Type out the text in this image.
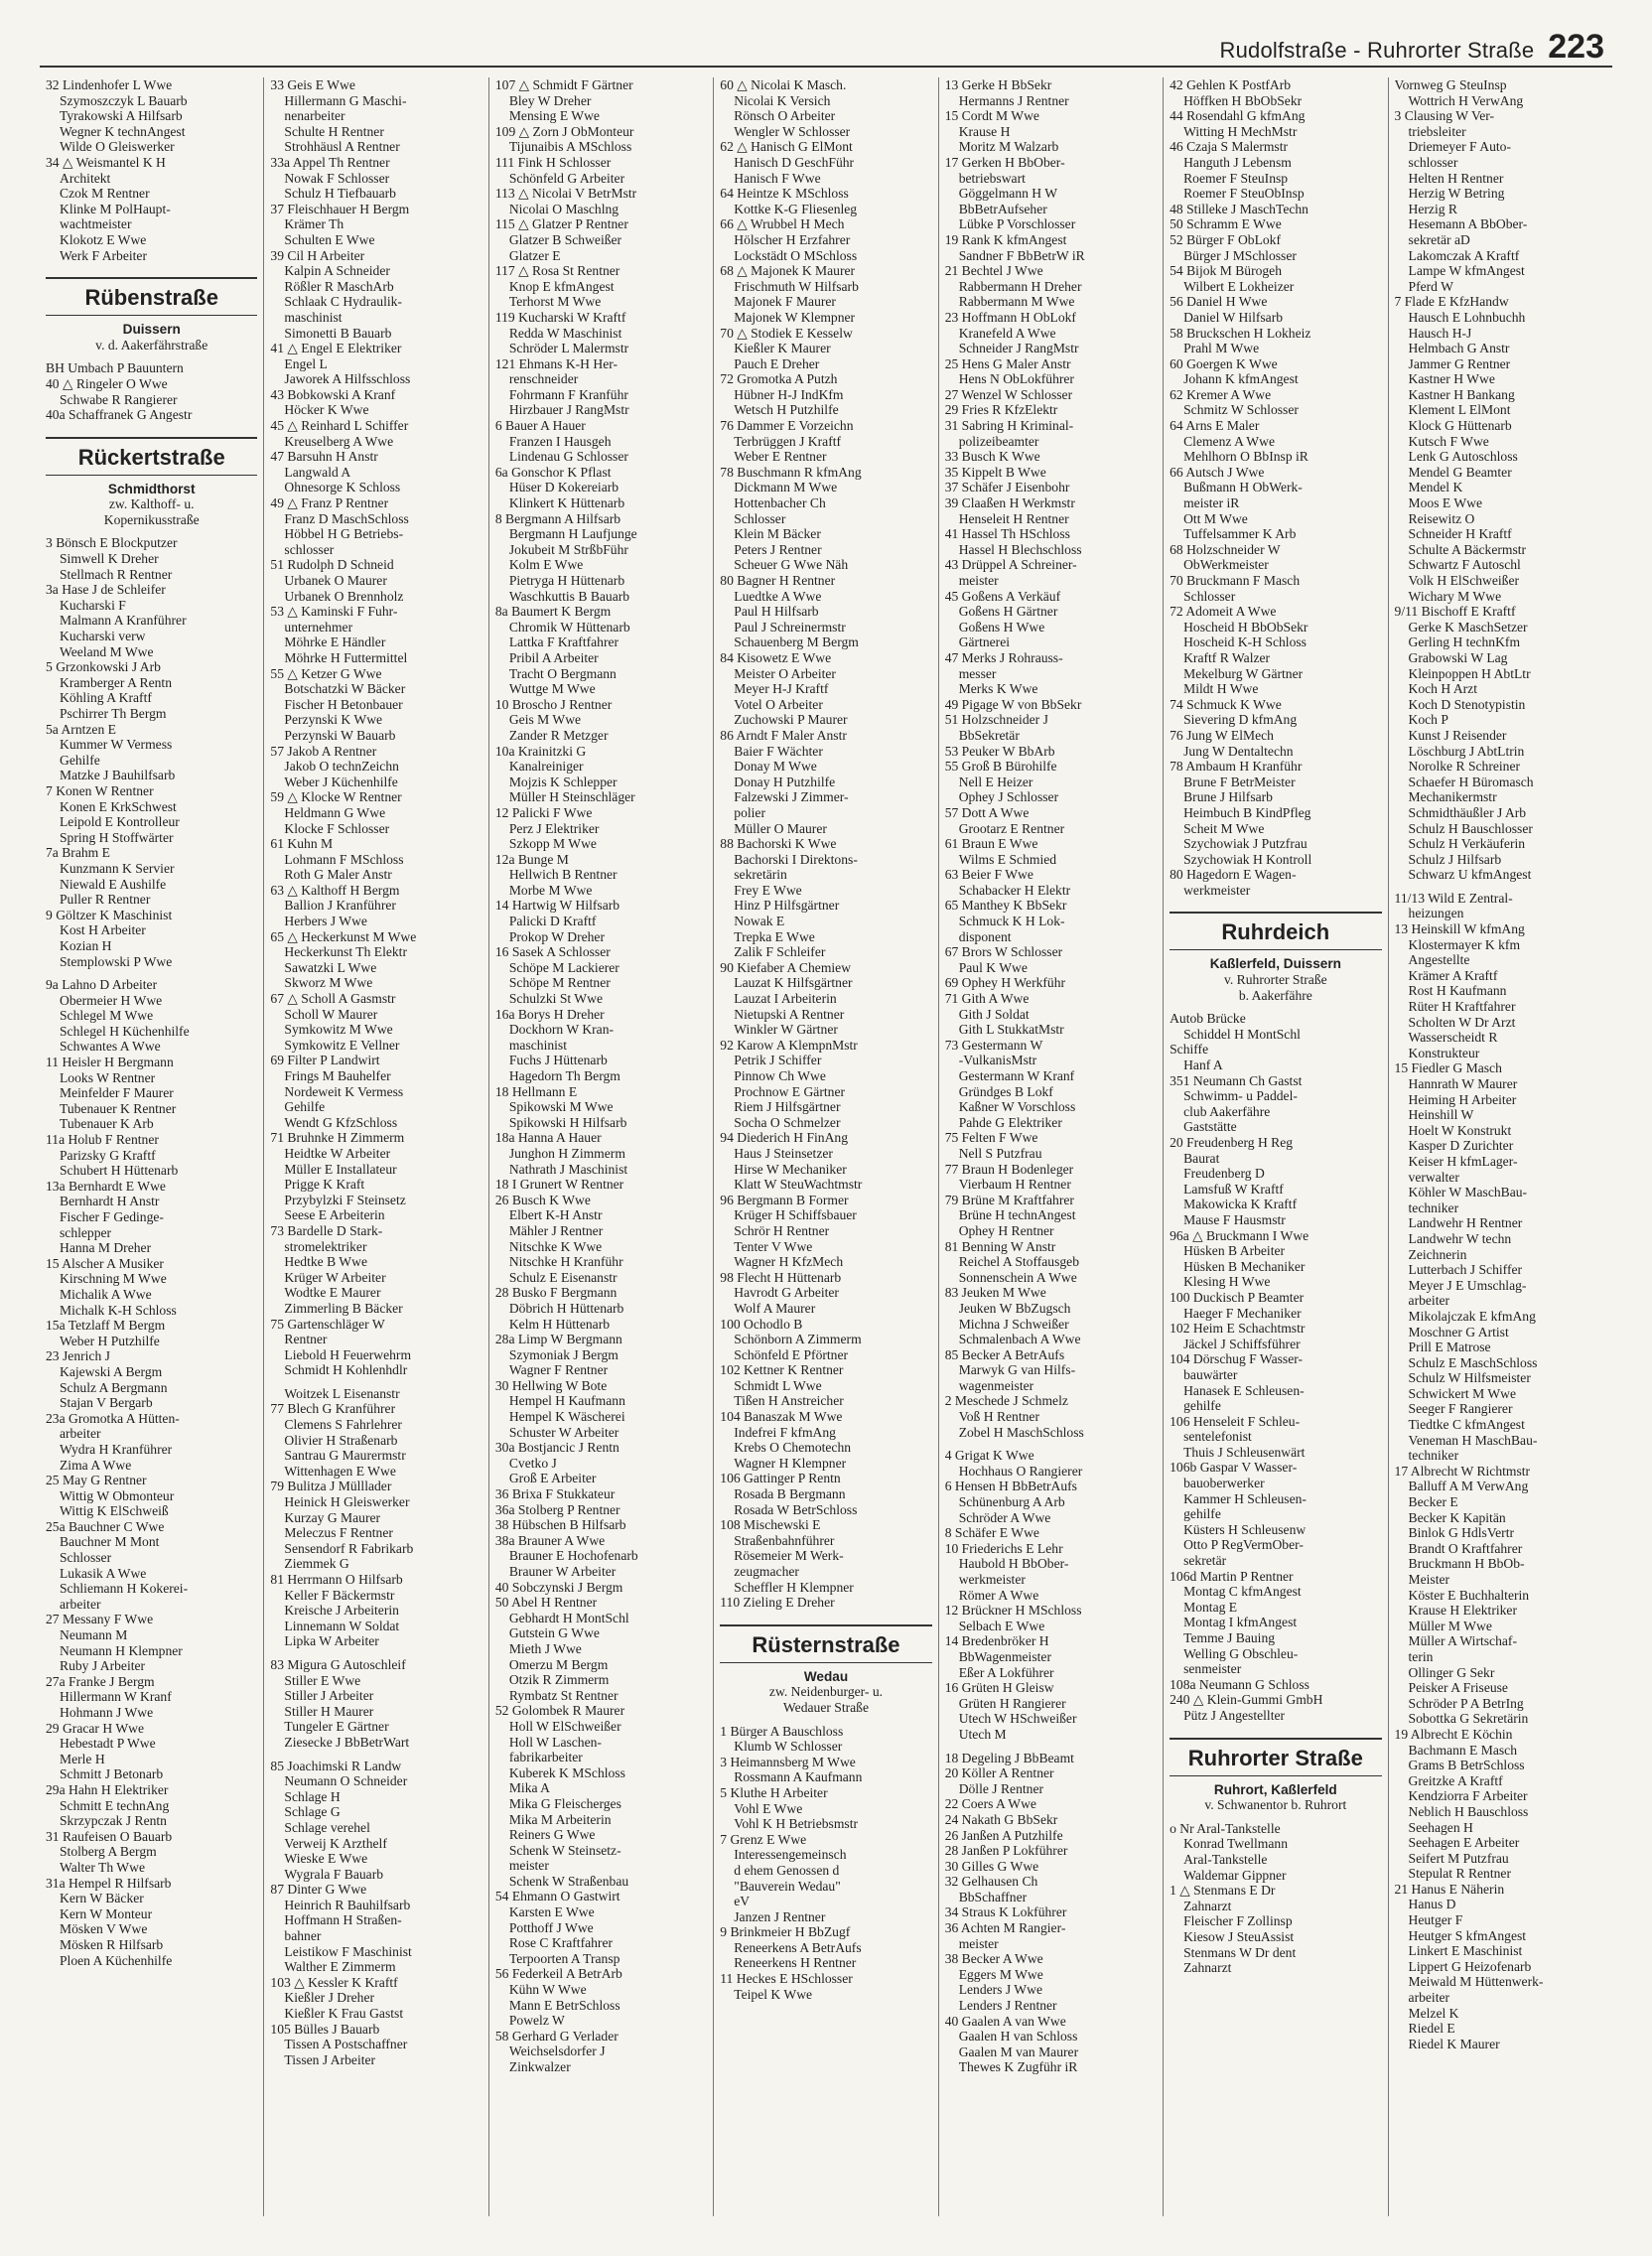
Rudolfstraße - Ruhrorter Straße 223
32 Lindenhofer L Wwe
Szymoszczyk L Bauarb
Tyrakowski A Hilfsarb
Wegner K technAngest
Wilde O Gleiswerker
34 △ Weismantel K H
Architekt
Czok M Rentner
Klinke M PolHaupt-
wachtmeister
Klokotz E Wwe
Werk F Arbeiter
Rübenstraße
Duissern
v. d. Aakerfährstraße
BH Umbach P Bauuntern
40 △ Ringeler O Wwe
Schwabe R Rangierer
40a Schaffranek G Angestr
Rückertstraße
Schmidthorst
zw. Kalthoff- u.
Kopernikusstraße
3 Bönsch E Blockputzer
Simwell K Dreher
Stellmach R Rentner
3a Hase J de Schleifer
Kucharski F
Malmann A Kranführer
Kucharski verw
Weeland M Wwe
5 Grzonkowski J Arb
Kramberger A Rentn
Köhling A Kraftf
Pschirrer Th Bergm
5a Arntzen E
Kummer W Vermess
Gehilfe
Matzke J Bauhilfsarb
7 Konen W Rentner
Konen E KrkSchwest
Leipold E Kontrolleur
Spring H Stoffwärter
7a Brahm E
Kunzmann K Servier
Niewald E Aushilfe
Puller R Rentner
9 Göltzer K Maschinist
Kost H Arbeiter
Kozian H
Stemplowski P Wwe
9a Lahno D Arbeiter
Obermeier H Wwe
Schlegel M Wwe
Schlegel H Küchenhilfe
Schwantes A Wwe
11 Heisler H Bergmann
Looks W Rentner
Meinfelder F Maurer
Tubenauer K Rentner
Tubenauer K Arb
11a Holub F Rentner
Parizsky G Kraftf
Schubert H Hüttenarb
13a Bernhardt E Wwe
Bernhardt H Anstr
Fischer F Gedinge-
schlepper
Hanna M Dreher
15 Alscher A Musiker
Kirschning M Wwe
Michalik A Wwe
Michalk K-H Schloss
15a Tetzlaff M Bergm
Weber H Putzhilfe
23 Jenrich J
Kajewski A Bergm
Schulz A Bergmann
Stajan V Bergarb
23a Gromotka A Hütten-
arbeiter
Wydra H Kranführer
Zima A Wwe
25 May G Rentner
Wittig W Obmonteur
Wittig K ElSchweiß
25a Bauchner C Wwe
Bauchner M Mont
Schlosser
Lukasik A Wwe
Schliemann H Kokerei-
arbeiter
27 Messany F Wwe
Neumann M
Neumann H Klempner
Ruby J Arbeiter
27a Franke J Bergm
Hillermann W Kranf
Hohmann J Wwe
29 Gracar H Wwe
Hebestadt P Wwe
Merle H
Schmitt J Betonarb
29a Hahn H Elektriker
Schmitt E technAng
Skrzypczak J Rentn
31 Raufeisen O Bauarb
Stolberg A Bergm
Walter Th Wwe
31a Hempel R Hilfsarb
Kern W Bäcker
Kern W Monteur
Mösken V Wwe
Mösken R Hilfsarb
Ploen A Küchenhilfe
33 Geis E Wwe
Hillermann G Maschi-
nenarbeiter
Schulte H Rentner
Strohhäusl A Rentner
33a Appel Th Rentner
Nowak F Schlosser
Schulz H Tiefbauarb
37 Fleischhauer H Bergm
Krämer Th
Schulten E Wwe
39 Cil H Arbeiter
Kalpin A Schneider
Rößler R MaschArb
Schlaak C Hydraulik-
maschinist
Simonetti B Bauarb
41 △ Engel E Elektriker
Engel L
Jaworek A Hilfsschloss
43 Bobkowski A Kranf
Höcker K Wwe
45 △ Reinhard L Schiffer
Kreuselberg A Wwe
47 Barsuhn H Anstr
Langwald A
Ohnesorge K Schloss
49 △ Franz P Rentner
Franz D MaschSchloss
Höbbel H G Betriebs-
schlosser
51 Rudolph D Schneid
Urbanek O Maurer
Urbanek O Brennholz
53 △ Kaminski F Fuhr-
unternehmer
Möhrke E Händler
Möhrke H Futtermittel
55 △ Ketzer G Wwe
Botschatzki W Bäcker
Fischer H Betonbauer
Perzynski K Wwe
Perzynski W Bauarb
57 Jakob A Rentner
Jakob O technZeichn
Weber J Küchenhilfe
59 △ Klocke W Rentner
Heldmann G Wwe
Klocke F Schlosser
61 Kuhn M
Lohmann F MSchloss
Roth G Maler Anstr
63 △ Kalthoff H Bergm
Ballion J Kranführer
Herbers J Wwe
65 △ Heckerkunst M Wwe
Heckerkunst Th Elektr
Sawatzki L Wwe
Skworz M Wwe
67 △ Scholl A Gasmstr
Scholl W Maurer
Symkowitz M Wwe
Symkowitz E Vellner
69 Filter P Landwirt
Frings M Bauhelfer
Nordeweit K Vermess
Gehilfe
Wendt G KfzSchloss
71 Bruhnke H Zimmerm
Heidtke W Arbeiter
Müller E Installateur
Prigge K Kraft
Przybylzki F Steinsetz
Seese E Arbeiterin
73 Bardelle D Stark-
stromelektriker
Hedtke B Wwe
Krüger W Arbeiter
Wodtke E Maurer
Zimmerling B Bäcker
75 Gartenschläger W
Rentner
Liebold H Feuerwehrm
Schmidt H Kohlenhdlr
Woitzek L Eisenanstr
77 Blech G Kranführer
Clemens S Fahrlehrer
Olivier H Straßenarb
Santrau G Maurermstr
Wittenhagen E Wwe
79 Bulitza J Mülllader
Heinick H Gleiswerker
Kurzay G Maurer
Meleczus F Rentner
Sensendorf R Fabrikarb
Ziemmek G
81 Herrmann O Hilfsarb
Keller F Bäckermstr
Kreische J Arbeiterin
Linnemann W Soldat
Lipka W Arbeiter
83 Migura G Autoschleif
Stiller E Wwe
Stiller J Arbeiter
Stiller H Maurer
Tungeler E Gärtner
Ziesecke J BbBetrWart
85 Joachimski R Landw
Neumann O Schneider
Schlage H
Schlage G
Schlage verehel
Verweij K Arzthelf
Wieske E Wwe
Wygrala F Bauarb
87 Dinter G Wwe
Heinrich R Bauhilfsarb
Hoffmann H Straßen-
bahner
Leistikow F Maschinist
Walther E Zimmerm
103 △ Kessler K Kraftf
Kießler J Dreher
Kießler K Frau Gastst
105 Bülles J Bauarb
Tissen A Postschaffner
Tissen J Arbeiter
107 △ Schmidt F Gärtner
Bley W Dreher
Mensing E Wwe
109 △ Zorn J ObMonteur
Tijunaibis A MSchloss
111 Fink H Schlosser
Schönfeld G Arbeiter
113 △ Nicolai V BetrMstr
Nicolai O Maschlng
115 △ Glatzer P Rentner
Glatzer B Schweißer
Glatzer E
117 △ Rosa St Rentner
Knop E kfmAngest
Terhorst M Wwe
119 Kucharski W Kraftf
Redda W Maschinist
Schröder L Malermstr
121 Ehmans K-H Her-
renschneider
Fohrmann F Kranführ
Hirzbauer J RangMstr
6 Bauer A Hauer
Franzen I Hausgeh
Lindenau G Schlosser
6a Gonschor K Pflast
Hüser D Kokereiarb
Klinkert K Hüttenarb
8 Bergmann A Hilfsarb
Bergmann H Laufjunge
Jokubeit M StrßbFühr
Kolm E Wwe
Pietryga H Hüttenarb
Waschkuttis B Bauarb
8a Baumert K Bergm
Chromik W Hüttenarb
Lattka F Kraftfahrer
Pribil A Arbeiter
Tracht O Bergmann
Wuttge M Wwe
10 Broscho J Rentner
Geis M Wwe
Zander R Metzger
10a Krainitzki G
Kanalreiniger
Mojzis K Schlepper
Müller H Steinschläger
12 Palicki F Wwe
Perz J Elektriker
Szkopp M Wwe
12a Bunge M
Hellwich B Rentner
Morbe M Wwe
14 Hartwig W Hilfsarb
Palicki D Kraftf
Prokop W Dreher
16 Sasek A Schlosser
Schöpe M Lackierer
Schöpe M Rentner
Schulzki St Wwe
16a Borys H Dreher
Dockhorn W Kran-
maschinist
Fuchs J Hüttenarb
Hagedorn Th Bergm
18 Hellmann E
Spikowski M Wwe
Spikowski H Hilfsarb
18a Hanna A Hauer
Junghon H Zimmerm
Nathrath J Maschinist
18 I Grunert W Rentner
26 Busch K Wwe
Elbert K-H Anstr
Mähler J Rentner
Nitschke K Wwe
Nitschke H Kranführ
Schulz E Eisenanstr
28 Busko F Bergmann
Döbrich H Hüttenarb
Kelm H Hüttenarb
28a Limp W Bergmann
Szymoniak J Bergm
Wagner F Rentner
30 Hellwing W Bote
Hempel H Kaufmann
Hempel K Wäscherei
Schuster W Arbeiter
30a Bostjancic J Rentn
Cvetko J
Groß E Arbeiter
36 Brixa F Stukkateur
36a Stolberg P Rentner
38 Hübschen B Hilfsarb
38a Brauner A Wwe
Brauner E Hochofenarb
Brauner W Arbeiter
40 Sobczynski J Bergm
50 Abel H Rentner
Gebhardt H MontSchl
Gutstein G Wwe
Mieth J Wwe
Omerzu M Bergm
Otzik R Zimmerm
Rymbatz St Rentner
52 Golombek R Maurer
Holl W ElSchweißer
Holl W Laschen-
fabrikarbeiter
Kuberek K MSchloss
Mika A
Mika G Fleischerges
Mika M Arbeiterin
Reiners G Wwe
Schenk W Steinsetz-
meister
Schenk W Straßenbau
54 Ehmann O Gastwirt
Karsten E Wwe
Potthoff J Wwe
Rose C Kraftfahrer
Terpoorten A Transp
56 Federkeil A BetrArb
Kühn W Wwe
Mann E BetrSchloss
Powelz W
58 Gerhard G Verlader
Weichselsdorfer J
Zinkwalzer
60 △ Nicolai K Masch.
Nicolai K Versich
Rönsch O Arbeiter
Wengler W Schlosser
62 △ Hanisch G ElMont
Hanisch D GeschFühr
Hanisch F Wwe
64 Heintze K MSchloss
Kottke K-G Fliesenleg
66 △ Wrubbel H Mech
Hölscher H Erzfahrer
Lockstädt O MSchloss
68 △ Majonek K Maurer
Frischmuth W Hilfsarb
Majonek F Maurer
Majonek W Klempner
70 △ Stodiek E Kesselw
Kießler K Maurer
Pauch E Dreher
72 Gromotka A Putzh
Hübner H-J IndKfm
Wetsch H Putzhilfe
76 Dammer E Vorzeichn
Terbrüggen J Kraftf
Weber E Rentner
78 Buschmann R kfmAng
Dickmann M Wwe
Hottenbacher Ch
Schlosser
Klein M Bäcker
Peters J Rentner
Scheuer G Wwe Näh
80 Bagner H Rentner
Luedtke A Wwe
Paul H Hilfsarb
Paul J Schreinermstr
Schauenberg M Bergm
84 Kisowetz E Wwe
Meister O Arbeiter
Meyer H-J Kraftf
Votel O Arbeiter
Zuchowski P Maurer
86 Arndt F Maler Anstr
Baier F Wächter
Donay M Wwe
Donay H Putzhilfe
Falzewski J Zimmer-
polier
Müller O Maurer
88 Bachorski K Wwe
Bachorski I Direktons-
sekretärin
Frey E Wwe
Hinz P Hilfsgärtner
Nowak E
Trepka E Wwe
Zalik F Schleifer
90 Kiefaber A Chemiew
Lauzat K Hilfsgärtner
Lauzat I Arbeiterin
Nietupski A Rentner
Winkler W Gärtner
92 Karow A KlempnMstr
Petrik J Schiffer
Pinnow Ch Wwe
Prochnow E Gärtner
Riem J Hilfsgärtner
Socha O Schmelzer
94 Diederich H FinAng
Haus J Steinsetzer
Hirse W Mechaniker
Klatt W SteuWachtmstr
96 Bergmann B Former
Krüger H Schiffsbauer
Schrör H Rentner
Tenter V Wwe
Wagner H KfzMech
98 Flecht H Hüttenarb
Havrodt G Arbeiter
Wolf A Maurer
100 Ochodlo B
Schönborn A Zimmerm
Schönfeld E Pförtner
102 Kettner K Rentner
Schmidt L Wwe
Tißen H Anstreicher
104 Banaszak M Wwe
Indefrei F kfmAng
Krebs O Chemotechn
Wagner H Klempner
106 Gattinger P Rentn
Rosada B Bergmann
Rosada W BetrSchloss
108 Mischewski E
Straßenbahnführer
Rösemeier M Werk-
zeugmacher
Scheffler H Klempner
110 Zieling E Dreher
Rüsternstraße
Wedau
zw. Neidenburger- u.
Wedauer Straße
1 Bürger A Bauschloss
Klumb W Schlosser
3 Heimannsberg M Wwe
Rossmann A Kaufmann
5 Kluthe H Arbeiter
Vohl E Wwe
Vohl K H Betriebsmstr
7 Grenz E Wwe
Interessengemeinsch
d ehem Genossen d
"Bauverein Wedau"
eV
Janzen J Rentner
9 Brinkmeier H BbZugf
Reneerkens A BetrAufs
Reneerkens H Rentner
11 Heckes E HSchlosser
Teipel K Wwe
13 Gerke H BbSekr
Hermanns J Rentner
15 Cordt M Wwe
Krause H
Moritz M Walzarb
17 Gerken H BbOber-
betriebswart
Göggelmann H W
BbBetrAufseher
Lübke P Vorschlosser
19 Rank K kfmAngest
Sandner F BbBetrW iR
21 Bechtel J Wwe
Rabbermann H Dreher
Rabbermann M Wwe
23 Hoffmann H ObLokf
Kranefeld A Wwe
Schneider J RangMstr
25 Hens G Maler Anstr
Hens N ObLokführer
27 Wenzel W Schlosser
29 Fries R KfzElektr
31 Sabring H Kriminal-
polizeibeamter
33 Busch K Wwe
35 Kippelt B Wwe
37 Schäfer J Eisenbohr
39 Claaßen H Werkmstr
Henseleit H Rentner
41 Hassel Th HSchloss
Hassel H Blechschloss
43 Drüppel A Schreiner-
meister
45 Goßens A Verkäuf
Goßens H Gärtner
Goßens H Wwe
Gärtnerei
47 Merks J Rohrauss-
messer
Merks K Wwe
49 Pigage W von BbSekr
51 Holzschneider J
BbSekretär
53 Peuker W BbArb
55 Groß B Bürohilfe
Nell E Heizer
Ophey J Schlosser
57 Dott A Wwe
Grootarz E Rentner
61 Braun E Wwe
Wilms E Schmied
63 Beier F Wwe
Schabacker H Elektr
65 Manthey K BbSekr
Schmuck K H Lok-
disponent
67 Brors W Schlosser
Paul K Wwe
69 Ophey H Werkführ
71 Gith A Wwe
Gith J Soldat
Gith L StukkatMstr
73 Gestermann W
-VulkanisMstr
Gestermann W Kranf
Gründges B Lokf
Kaßner W Vorschloss
Pahde G Elektriker
75 Felten F Wwe
Nell S Putzfrau
77 Braun H Bodenleger
Vierbaum H Rentner
79 Brüne M Kraftfahrer
Brüne H technAngest
Ophey H Rentner
81 Benning W Anstr
Reichel A Stoffausgeb
Sonnenschein A Wwe
83 Jeuken M Wwe
Jeuken W BbZugsch
Michna J Schweißer
Schmalenbach A Wwe
85 Becker A BetrAufs
Marwyk G van Hilfs-
wagenmeister
2 Meschede J Schmelz
Voß H Rentner
Zobel H MaschSchloss
4 Grigat K Wwe
Hochhaus O Rangierer
6 Hensen H BbBetrAufs
Schünenburg A Arb
Schröder A Wwe
8 Schäfer E Wwe
10 Friederichs E Lehr
Haubold H BbOber-
werkmeister
Römer A Wwe
12 Brückner H MSchloss
Selbach E Wwe
14 Bredenbröker H
BbWagenmeister
Eßer A Lokführer
16 Grüten H Gleisw
Grüten H Rangierer
Utech W HSchweißer
Utech M
18 Degeling J BbBeamt
20 Köller A Rentner
Dölle J Rentner
22 Coers A Wwe
24 Nakath G BbSekr
26 Janßen A Putzhilfe
28 Janßen P Lokführer
30 Gilles G Wwe
32 Gelhausen Ch
BbSchaffner
34 Straus K Lokführer
36 Achten M Rangier-
meister
38 Becker A Wwe
Eggers M Wwe
Lenders J Wwe
Lenders J Rentner
40 Gaalen A van Wwe
Gaalen H van Schloss
Gaalen M van Maurer
Thewes K Zugführ iR
42 Gehlen K PostfArb
Höffken H BbObSekr
44 Rosendahl G kfmAng
Witting H MechMstr
46 Czaja S Malermstr
Hanguth J Lebensm
Roemer F SteuInsp
Roemer F SteuObInsp
48 Stilleke J MaschTechn
50 Schramm E Wwe
52 Bürger F ObLokf
Bürger J MSchlosser
54 Bijok M Bürogeh
Wilbert E Lokheizer
56 Daniel H Wwe
Daniel W Hilfsarb
58 Bruckschen H Lokheiz
Prahl M Wwe
60 Goergen K Wwe
Johann K kfmAngest
62 Kremer A Wwe
Schmitz W Schlosser
64 Arns E Maler
Clemenz A Wwe
Mehlhorn O BbInsp iR
66 Autsch J Wwe
Bußmann H ObWerk-
meister iR
Ott M Wwe
Tuffelsammer K Arb
68 Holzschneider W
ObWerkmeister
70 Bruckmann F Masch
Schlosser
72 Adomeit A Wwe
Hoscheid H BbObSekr
Hoscheid K-H Schloss
Kraftf R Walzer
Mekelburg W Gärtner
Mildt H Wwe
74 Schmuck K Wwe
Sievering D kfmAng
76 Jung W ElMech
Jung W Dentaltechn
78 Ambaum H Kranführ
Brune F BetrMeister
Brune J Hilfsarb
Heimbuch B KindPfleg
Scheit M Wwe
Szychowiak J Putzfrau
Szychowiak H Kontroll
80 Hagedorn E Wagen-
werkmeister
Ruhrdeich
Kaßlerfeld, Duissern
v. Ruhrorter Straße
b. Aakerfähre
Autob Brücke
Schiddel H MontSchl
Schiffe
Hanf A
351 Neumann Ch Gastst
Schwimm- u Paddel-
club Aakerfähre
Gaststätte
20 Freudenberg H Reg
Baurat
Freudenberg D
Lamsfuß W Kraftf
Makowicka K Kraftf
Mause F Hausmstr
96a △ Bruckmann I Wwe
Hüsken B Arbeiter
Hüsken B Mechaniker
Klesing H Wwe
100 Duckisch P Beamter
Haeger F Mechaniker
102 Heim E Schachtmstr
Jäckel J Schiffsführer
104 Dörschug F Wasser-
bauwärter
Hanasek E Schleusen-
gehilfe
106 Henseleit F Schleu-
sentelefonist
Thuis J Schleusenwärt
106b Gaspar V Wasser-
bauoberwerker
Kammer H Schleusen-
gehilfe
Küsters H Schleusenw
Otto P RegVermOber-
sekretär
106d Martin P Rentner
Montag C kfmAngest
Montag E
Montag I kfmAngest
Temme J Bauing
Welling G Obschleu-
senmeister
108a Neumann G Schloss
240 △ Klein-Gummi GmbH
Pütz J Angestellter
Ruhrorter Straße
Ruhrort, Kaßlerfeld
v. Schwanentor b. Ruhrort
o Nr Aral-Tankstelle
Konrad Twellmann
Aral-Tankstelle
Waldemar Gippner
1 △ Stenmans E Dr
Zahnarzt
Fleischer F Zollinsp
Kiesow J SteuAssist
Stenmans W Dr dent
Zahnarzt
Vornweg G SteuInsp
Wottrich H VerwAng
3 Clausing W Ver-
triebsleiter
Driemeyer F Auto-
schlosser
Helten H Rentner
Herzig W Betring
Herzig R
Hesemann A BbOber-
sekretär aD
Lakomczak A Kraftf
Lampe W kfmAngest
Pferd W
7 Flade E KfzHandw
Hausch E Lohnbuchh
Hausch H-J
Helmbach G Anstr
Jammer G Rentner
Kastner H Wwe
Kastner H Bankang
Klement L ElMont
Klock G Hüttenarb
Kutsch F Wwe
Lenk G Autoschloss
Mendel G Beamter
Mendel K
Moos E Wwe
Reisewitz O
Schneider H Kraftf
Schulte A Bäckermstr
Schwartz F Autoschl
Volk H ElSchweißer
Wichary M Wwe
9/11 Bischoff E Kraftf
Gerke K MaschSetzer
Gerling H technKfm
Grabowski W Lag
Kleinpoppen H AbtLtr
Koch H Arzt
Koch D Stenotypistin
Koch P
Kunst J Reisender
Löschburg J AbtLtrin
Norolke R Schreiner
Schaefer H Büromasch
Mechanikermstr
Schmidthäußler J Arb
Schulz H Bauschlosser
Schulz H Verkäuferin
Schulz J Hilfsarb
Schwarz U kfmAngest
11/13 Wild E Zentral-
heizungen
13 Heinskill W kfmAng
Klostermayer K kfm
Angestellte
Krämer A Kraftf
Rost H Kaufmann
Rüter H Kraftfahrer
Scholten W Dr Arzt
Wasserscheidt R
Konstrukteur
15 Fiedler G Masch
Hannrath W Maurer
Heiming H Arbeiter
Heinshill W
Hoelt W Konstrukt
Kasper D Zurichter
Keiser H kfmLager-
verwalter
Köhler W MaschBau-
techniker
Landwehr H Rentner
Landwehr W techn
Zeichnerin
Lutterbach J Schiffer
Meyer J E Umschlag-
arbeiter
Mikolajczak E kfmAng
Moschner G Artist
Prill E Matrose
Schulz E MaschSchloss
Schulz W Hilfsmeister
Schwickert M Wwe
Seeger F Rangierer
Tiedtke C kfmAngest
Veneman H MaschBau-
techniker
17 Albrecht W Richtmstr
Balluff A M VerwAng
Becker E
Becker K Kapitän
Binlok G HdlsVertr
Brandt O Kraftfahrer
Bruckmann H BbOb-
Meister
Köster E Buchhalterin
Krause H Elektriker
Müller M Wwe
Müller A Wirtschaf-
terin
Ollinger G Sekr
Peisker A Friseuse
Schröder P A BetrIng
Sobottka G Sekretärin
19 Albrecht E Köchin
Bachmann E Masch
Grams B BetrSchloss
Greitzke A Kraftf
Kendziorra F Arbeiter
Neblich H Bauschloss
Seehagen H
Seehagen E Arbeiter
Seifert M Putzfrau
Stepulat R Rentner
21 Hanus E Näherin
Hanus D
Heutger F
Heutger S kfmAngest
Linkert E Maschinist
Lippert G Heizofenarb
Meiwald M Hüttenwerk-
arbeiter
Melzel K
Riedel E
Riedel K Maurer
